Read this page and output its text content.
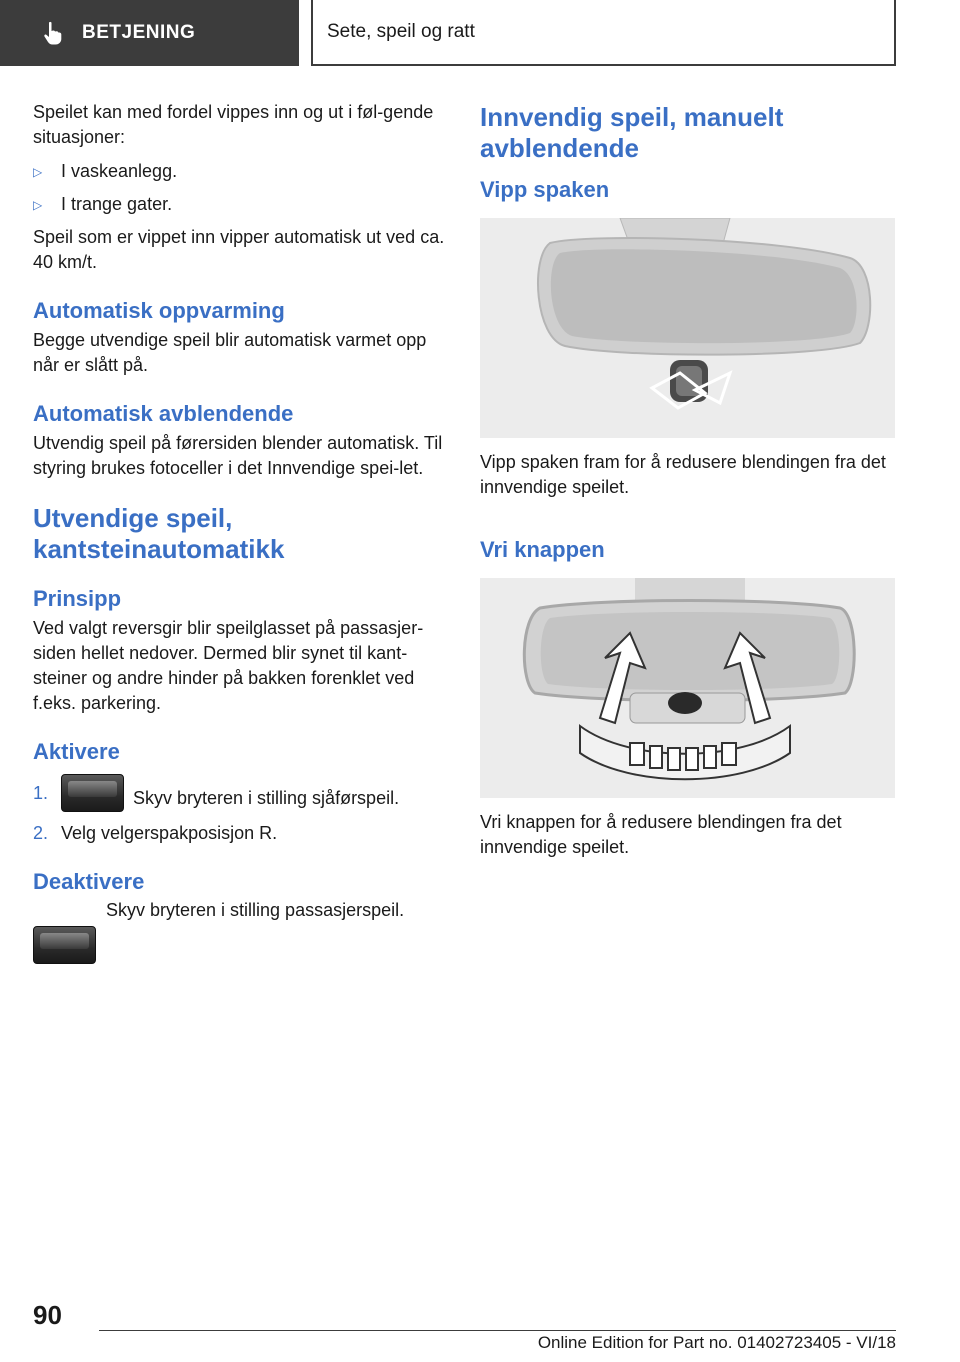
BETJENING	Sete, speil og ratt

Speilet kan med fordel vippes inn og ut i føl-gende situasjoner:

▷	I vaskeanlegg.
▷	I trange gater.

Speil som er vippet inn vipper automatisk ut ved ca. 40 km/t.

Automatisk oppvarming

Begge utvendige speil blir automatisk varmet opp når er slått på.

Automatisk avblendende

Utvendig speil på førersiden blender automatisk. Til styring brukes fotoceller i det Innvendige spei-let.

Utvendige speil, kantsteinautomatikk
Prinsipp

Ved valgt reversgir blir speilglasset på passasjer-siden hellet nedover. Dermed blir synet til kant-steiner og andre hinder på bakken forenklet ved f.eks. parkering.

Aktivere
1.	Skyv bryteren i stilling sjåførspeil.
2. Velg velgerspakposisjon R.
Deaktivere
Skyv bryteren i stilling passasjerspeil.
Innvendig speil, manuelt avblendende
Vipp spaken

Vipp spaken fram for å redusere blendingen fra det innvendige speilet.

Vri knappen

Vri knappen for å redusere blendingen fra det innvendige speilet.

90
Online Edition for Part no. 01402723405 - VI/18
